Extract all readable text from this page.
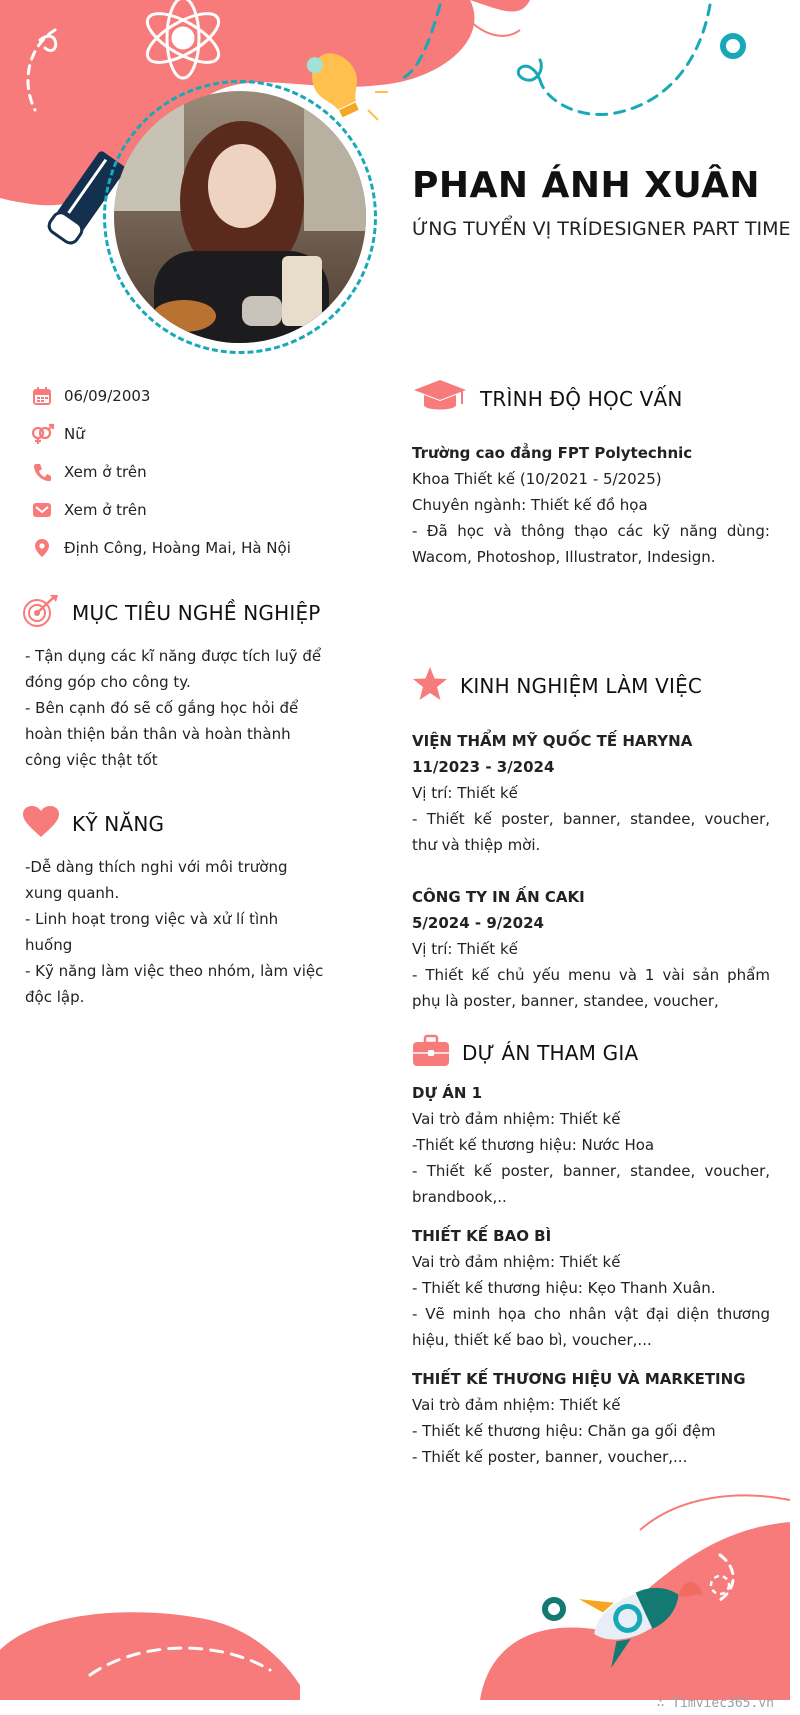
PHAN ÁNH XUÂN
ỨNG TUYỂN VỊ TRÍDESIGNER PART TIME
06/09/2003
Nữ
Xem ở trên
Xem ở trên
Định Công, Hoàng Mai, Hà Nội
MỤC TIÊU NGHỀ NGHIỆP

- Tận dụng các kĩ năng được tích luỹ để đóng góp cho công ty.

- Bên cạnh đó sẽ cố gắng học hỏi để hoàn thiện bản thân và hoàn thành công việc thật tốt

KỸ NĂNG

-Dễ dàng thích nghi với môi trường xung quanh.

- Linh hoạt trong việc và xử lí tình huống

- Kỹ năng làm việc theo nhóm, làm việc độc lập.

TRÌNH ĐỘ HỌC VẤN

Trường cao đẳng FPT Polytechnic

Khoa Thiết kế (10/2021 - 5/2025)

Chuyên ngành: Thiết kế đồ họa

- Đã học và thông thạo các kỹ năng dùng: Wacom, Photoshop, Illustrator, Indesign.

KINH NGHIỆM LÀM VIỆC

VIỆN THẨM MỸ QUỐC TẾ HARYNA

11/2023 - 3/2024

Vị trí: Thiết kế

- Thiết kế poster, banner, standee, voucher, thư và thiệp mời.

CÔNG TY IN ẤN CAKI

5/2024 - 9/2024

Vị trí: Thiết kế

- Thiết kế chủ yếu menu và 1 vài sản phẩm phụ là poster, banner, standee, voucher,

DỰ ÁN THAM GIA

DỰ ÁN 1

Vai trò đảm nhiệm: Thiết kế

-Thiết kế thương hiệu: Nước Hoa

- Thiết kế poster, banner, standee, voucher, brandbook,..

THIẾT KẾ BAO BÌ

Vai trò đảm nhiệm: Thiết kế

- Thiết kế thương hiệu: Kẹo Thanh Xuân.

- Vẽ minh họa cho nhân vật đại diện thương hiệu, thiết kế bao bì, voucher,...

THIẾT KẾ THƯƠNG HIỆU VÀ MARKETING

Vai trò đảm nhiệm: Thiết kế

- Thiết kế thương hiệu: Chăn ga gối đệm

- Thiết kế poster, banner, voucher,...

∴ Timviec365.vn
